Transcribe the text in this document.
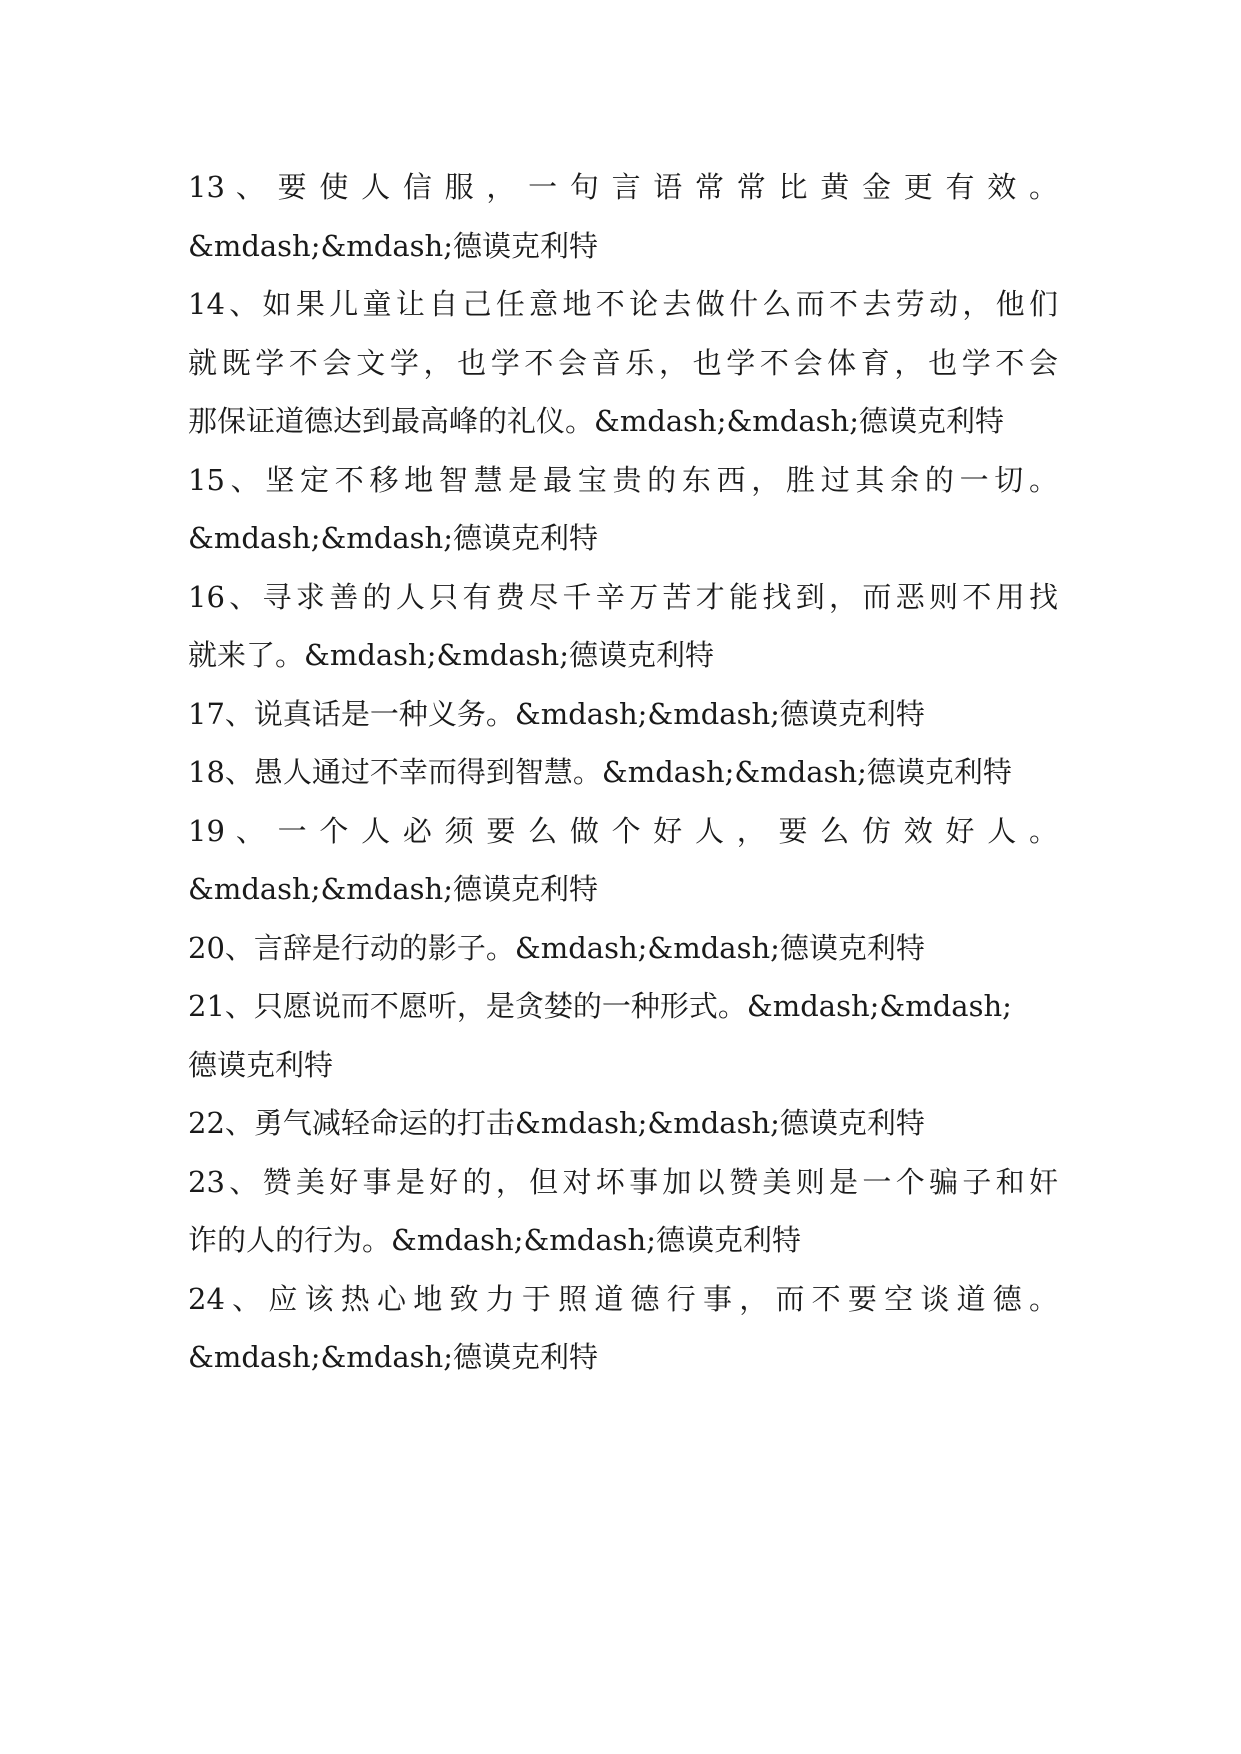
13 、 要 使 人 信 服 ， 一 句 言 语 常 常 比 黄 金 更 有 效 。
&mdash;&mdash;德谟克利特
14、如果儿童让自己任意地不论去做什么而不去劳动，他们
就既学不会文学，也学不会音乐，也学不会体育，也学不会
那保证道德达到最高峰的礼仪。&mdash;&mdash;德谟克利特
15、坚定不移地智慧是最宝贵的东西，胜过其余的一切。
&mdash;&mdash;德谟克利特
16、寻求善的人只有费尽千辛万苦才能找到，而恶则不用找
就来了。&mdash;&mdash;德谟克利特
17、说真话是一种义务。&mdash;&mdash;德谟克利特
18、愚人通过不幸而得到智慧。&mdash;&mdash;德谟克利特
19 、 一 个 人 必 须 要 么 做 个 好 人 ， 要 么 仿 效 好 人 。
&mdash;&mdash;德谟克利特
20、言辞是行动的影子。&mdash;&mdash;德谟克利特
21、只愿说而不愿听，是贪婪的一种形式。&mdash;&mdash;
德谟克利特
22、勇气减轻命运的打击&mdash;&mdash;德谟克利特
23、赞美好事是好的，但对坏事加以赞美则是一个骗子和奸
诈的人的行为。&mdash;&mdash;德谟克利特
24、应该热心地致力于照道德行事，而不要空谈道德。
&mdash;&mdash;德谟克利特
